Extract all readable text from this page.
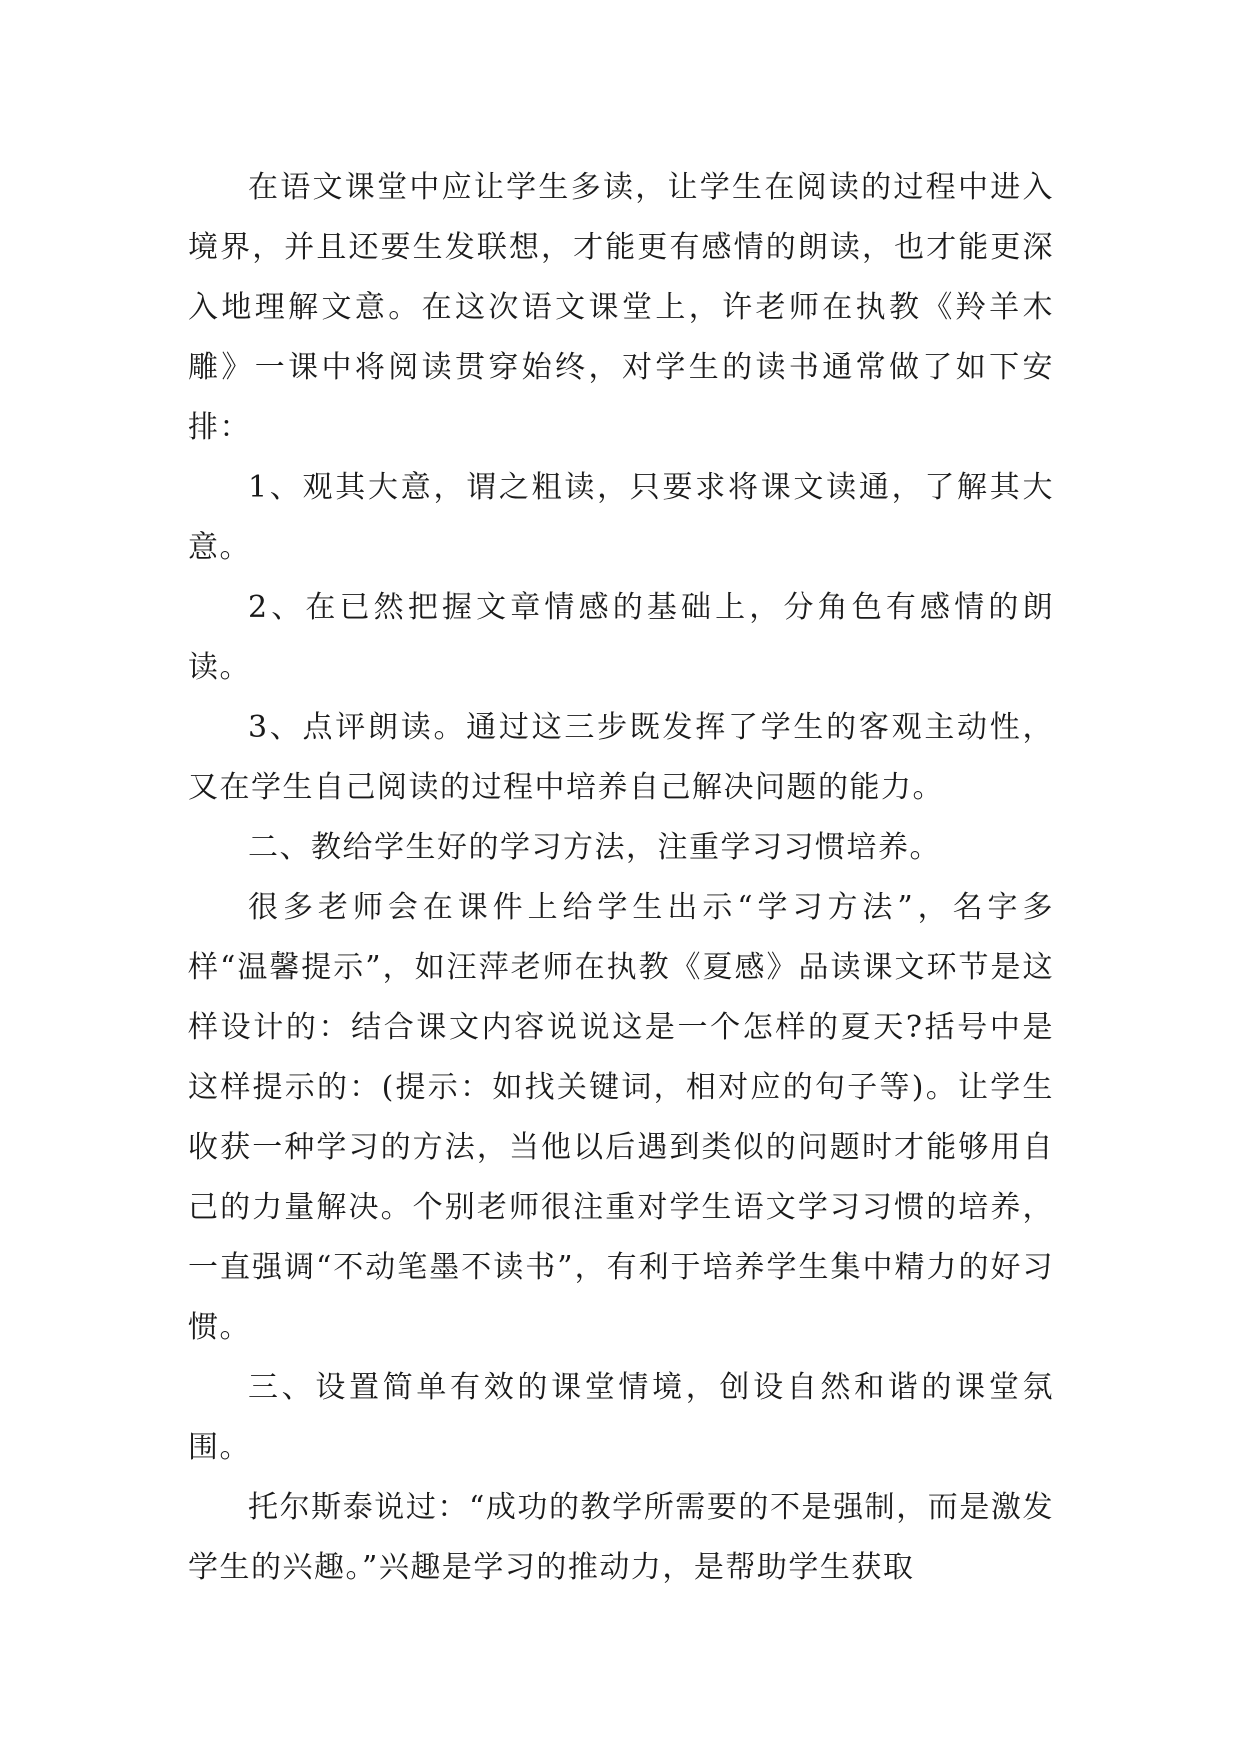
在语文课堂中应让学生多读，让学生在阅读的过程中进入境界，并且还要生发联想，才能更有感情的朗读，也才能更深入地理解文意。在这次语文课堂上，许老师在执教《羚羊木雕》一课中将阅读贯穿始终，对学生的读书通常做了如下安排：

1、观其大意，谓之粗读，只要求将课文读通，了解其大意。

2、在已然把握文章情感的基础上，分角色有感情的朗读。

3、点评朗读。通过这三步既发挥了学生的客观主动性，又在学生自己阅读的过程中培养自己解决问题的能力。

二、教给学生好的学习方法，注重学习习惯培养。

很多老师会在课件上给学生出示“学习方法”，名字多样“温馨提示”，如汪萍老师在执教《夏感》品读课文环节是这样设计的：结合课文内容说说这是一个怎样的夏天?括号中是这样提示的：(提示：如找关键词，相对应的句子等)。让学生收获一种学习的方法，当他以后遇到类似的问题时才能够用自己的力量解决。个别老师很注重对学生语文学习习惯的培养，一直强调“不动笔墨不读书”，有利于培养学生集中精力的好习惯。

三、设置简单有效的课堂情境，创设自然和谐的课堂氛围。

托尔斯泰说过：“成功的教学所需要的不是强制，而是激发学生的兴趣。”兴趣是学习的推动力，是帮助学生获取
